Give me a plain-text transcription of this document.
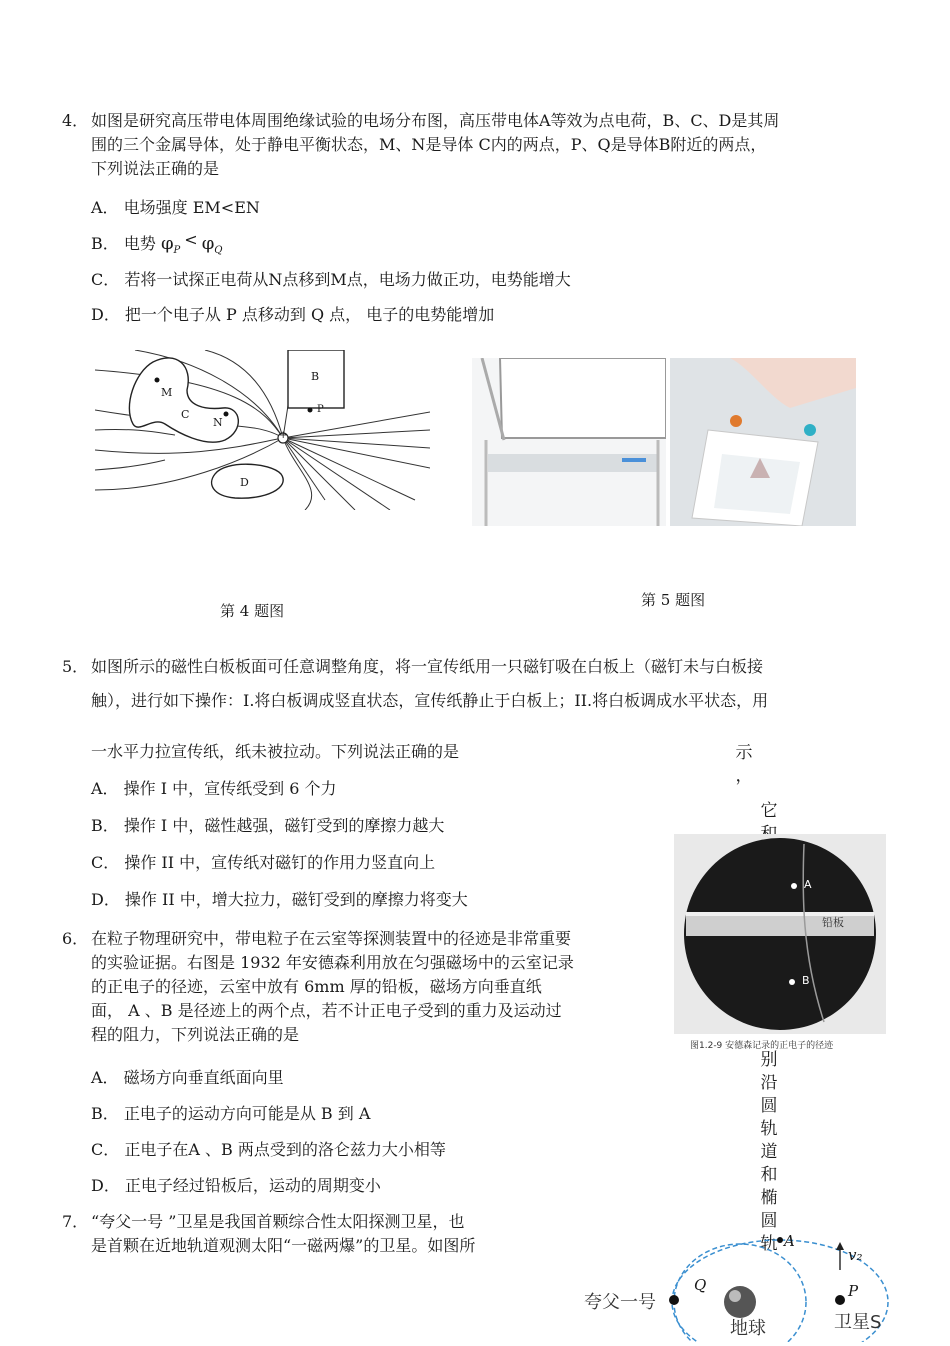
4． 如图是研究高压带电体周围绝缘试验的电场分布图，高压带电体A等效为点电荷，B、C、D是其周
围的三个金属导体，处于静电平衡状态，M、N是导体 C内的两点，P、Q是导体B附近的两点，
下列说法正确的是
A． 电场强度 EM<EN
B． 电势 $\varphi_P< \varphi_Q$
C． 若将一试探正电荷从N点移到M点，电场力做正功，电势能增大
D． 把一个电子从 P 点移动到 Q 点， 电子的电势能增加
M
C
N
B
P
D
+
第 4 题图
第 5 题图
5． 如图所示的磁性白板板面可任意调整角度，将一宣传纸用一只磁钉吸在白板上（磁钉未与白板接
触），进行如下操作：I.将白板调成竖直状态，宣传纸静止于白板上；II.将白板调成水平状态，用
一水平力拉宣传纸，纸未被拉动。下列说法正确的是
A． 操作 I 中，宣传纸受到 6 个力
B． 操作 I 中，磁性越强，磁钉受到的摩擦力越大
C． 操作 II 中，宣传纸对磁钉的作用力竖直向上
D． 操作 II 中，增大拉力，磁钉受到的摩擦力将变大
示
，
它
A
B
铅板
图1.2-9 安德森记录的正电子的径迹
别
沿
圆
轨
道
和
椭
圆
轨
6． 在粒子物理研究中，带电粒子在云室等探测装置中的径迹是非常重要
的实验证据。右图是 1932 年安德森利用放在匀强磁场中的云室记录
的正电子的径迹，云室中放有 6mm 厚的铅板，磁场方向垂直纸
面， A 、B 是径迹上的两个点，若不计正电子受到的重力及运动过
程的阻力，下列说法正确的是
A． 磁场方向垂直纸面向里
B． 正电子的运动方向可能是从 B 到 A
C． 正电子在A 、B 两点受到的洛仑兹力大小相等
D． 正电子经过铅板后，运动的周期变小
7． “夸父一号 ”卫星是我国首颗综合性太阳探测卫星，也
是首颗在近地轨道观测太阳“一磁两爆”的卫星。如图所
夸父一号
Q
A
v₂
P
卫星S
地球
